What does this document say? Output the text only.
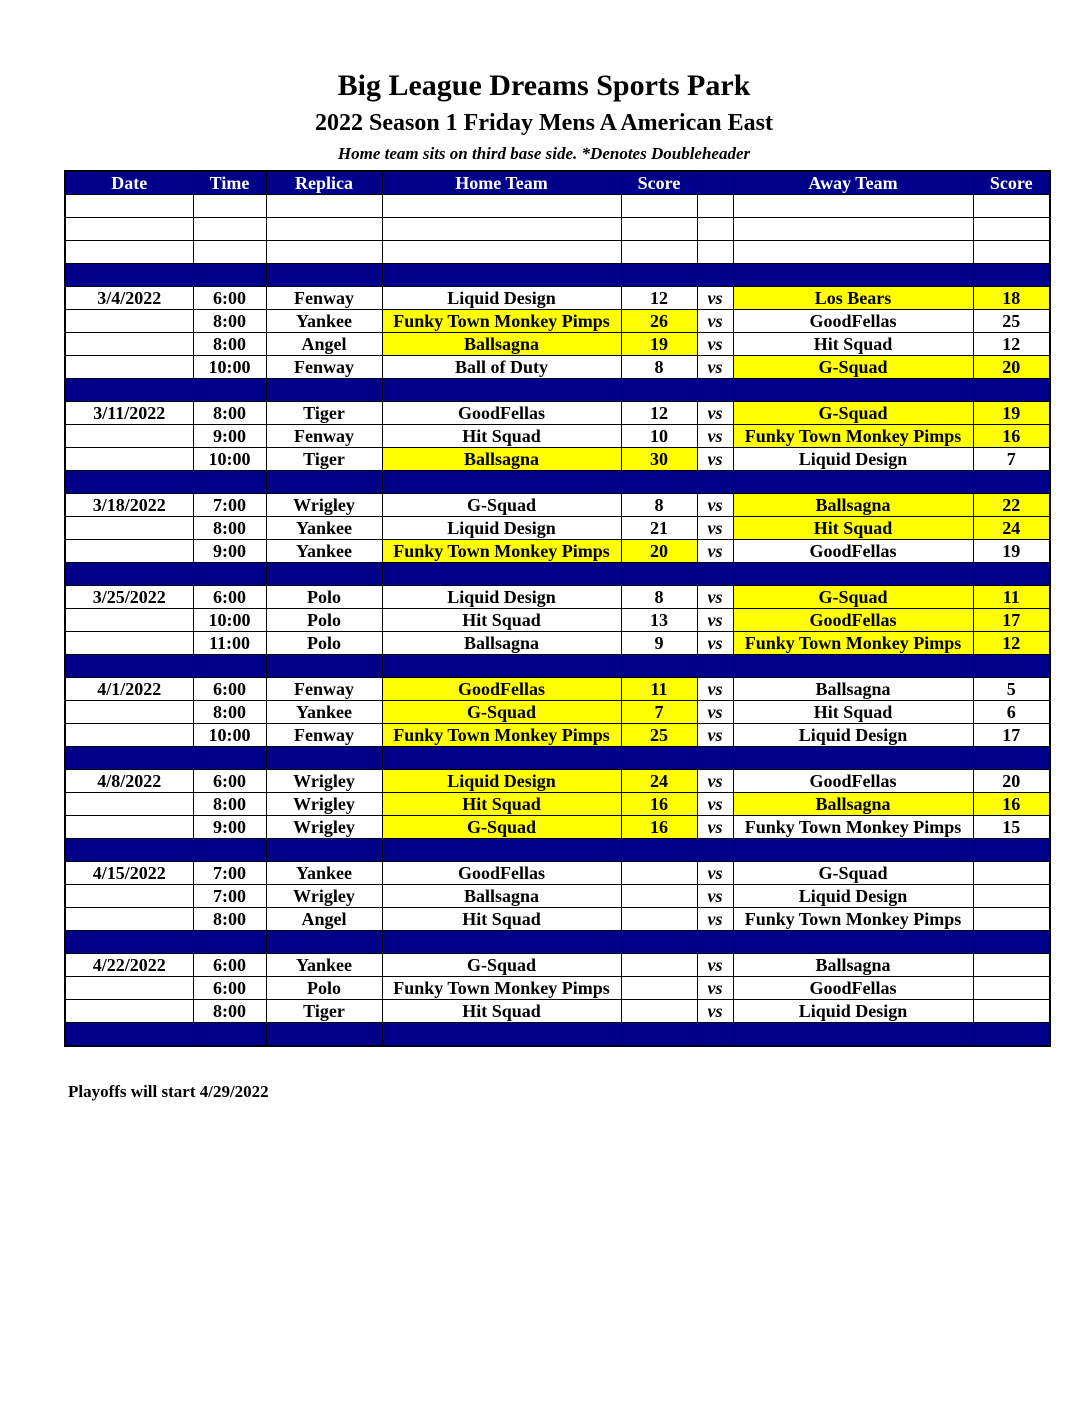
Big League Dreams Sports Park
2022 Season 1 Friday Mens A American East
Home team sits on third base side. *Denotes Doubleheader
Date	Time	Replica	Home Team	Score		Away Team	Score

3/4/2022	6:00	Fenway	Liquid Design	12	vs	Los Bears	18
	8:00	Yankee	Funky Town Monkey Pimps	26	vs	GoodFellas	25
	8:00	Angel	Ballsagna	19	vs	Hit Squad	12
	10:00	Fenway	Ball of Duty	8	vs	G-Squad	20

3/11/2022	8:00	Tiger	GoodFellas	12	vs	G-Squad	19
	9:00	Fenway	Hit Squad	10	vs	Funky Town Monkey Pimps	16
	10:00	Tiger	Ballsagna	30	vs	Liquid Design	7

3/18/2022	7:00	Wrigley	G-Squad	8	vs	Ballsagna	22
	8:00	Yankee	Liquid Design	21	vs	Hit Squad	24
	9:00	Yankee	Funky Town Monkey Pimps	20	vs	GoodFellas	19

3/25/2022	6:00	Polo	Liquid Design	8	vs	G-Squad	11
	10:00	Polo	Hit Squad	13	vs	GoodFellas	17
	11:00	Polo	Ballsagna	9	vs	Funky Town Monkey Pimps	12

4/1/2022	6:00	Fenway	GoodFellas	11	vs	Ballsagna	5
	8:00	Yankee	G-Squad	7	vs	Hit Squad	6
	10:00	Fenway	Funky Town Monkey Pimps	25	vs	Liquid Design	17

4/8/2022	6:00	Wrigley	Liquid Design	24	vs	GoodFellas	20
	8:00	Wrigley	Hit Squad	16	vs	Ballsagna	16
	9:00	Wrigley	G-Squad	16	vs	Funky Town Monkey Pimps	15

4/15/2022	7:00	Yankee	GoodFellas		vs	G-Squad	
	7:00	Wrigley	Ballsagna		vs	Liquid Design	
	8:00	Angel	Hit Squad		vs	Funky Town Monkey Pimps	

4/22/2022	6:00	Yankee	G-Squad		vs	Ballsagna	
	6:00	Polo	Funky Town Monkey Pimps		vs	GoodFellas	
	8:00	Tiger	Hit Squad		vs	Liquid Design	

Playoffs will start 4/29/2022
